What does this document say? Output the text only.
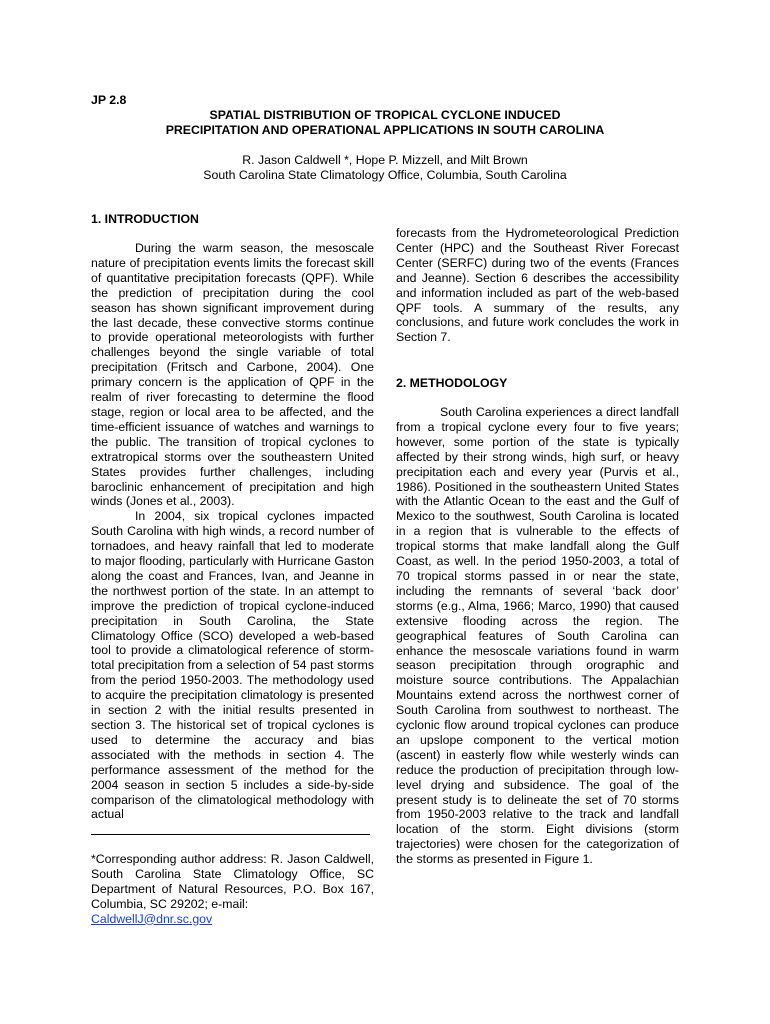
JP 2.8
SPATIAL DISTRIBUTION OF TROPICAL CYCLONE INDUCED
PRECIPITATION AND OPERATIONAL APPLICATIONS IN SOUTH CAROLINA
R. Jason Caldwell *, Hope P. Mizzell, and Milt Brown
South Carolina State Climatology Office, Columbia, South Carolina
1. INTRODUCTION

During the warm season, the mesoscale nature of precipitation events limits the forecast skill of quantitative precipitation forecasts (QPF). While the prediction of precipitation during the cool season has shown significant improvement during the last decade, these convective storms continue to provide operational meteorologists with further challenges beyond the single variable of total precipitation (Fritsch and Carbone, 2004). One primary concern is the application of QPF in the realm of river forecasting to determine the flood stage, region or local area to be affected, and the time-efficient issuance of watches and warnings to the public. The transition of tropical cyclones to extratropical storms over the southeastern United States provides further challenges, including baroclinic enhancement of precipitation and high winds (Jones et al., 2003).

In 2004, six tropical cyclones impacted South Carolina with high winds, a record number of tornadoes, and heavy rainfall that led to moderate to major flooding, particularly with Hurricane Gaston along the coast and Frances, Ivan, and Jeanne in the northwest portion of the state. In an attempt to improve the prediction of tropical cyclone-induced precipitation in South Carolina, the State Climatology Office (SCO) developed a web-based tool to provide a climatological reference of storm-total precipitation from a selection of 54 past storms from the period 1950-2003. The methodology used to acquire the precipitation climatology is presented in section 2 with the initial results presented in section 3. The historical set of tropical cyclones is used to determine the accuracy and bias associated with the methods in section 4. The performance assessment of the method for the 2004 season in section 5 includes a side-by-side comparison of the climatological methodology with actual

*Corresponding author address: R. Jason Caldwell, South Carolina State Climatology Office, SC Department of Natural Resources, P.O. Box 167, Columbia, SC 29202; e-mail:
CaldwellJ@dnr.sc.gov

forecasts from the Hydrometeorological Prediction Center (HPC) and the Southeast River Forecast Center (SERFC) during two of the events (Frances and Jeanne). Section 6 describes the accessibility and information included as part of the web-based QPF tools. A summary of the results, any conclusions, and future work concludes the work in Section 7.

2. METHODOLOGY

South Carolina experiences a direct landfall from a tropical cyclone every four to five years; however, some portion of the state is typically affected by their strong winds, high surf, or heavy precipitation each and every year (Purvis et al., 1986). Positioned in the southeastern United States with the Atlantic Ocean to the east and the Gulf of Mexico to the southwest, South Carolina is located in a region that is vulnerable to the effects of tropical storms that make landfall along the Gulf Coast, as well. In the period 1950-2003, a total of 70 tropical storms passed in or near the state, including the remnants of several ‘back door’ storms (e.g., Alma, 1966; Marco, 1990) that caused extensive flooding across the region. The geographical features of South Carolina can enhance the mesoscale variations found in warm season precipitation through orographic and moisture source contributions. The Appalachian Mountains extend across the northwest corner of South Carolina from southwest to northeast. The cyclonic flow around tropical cyclones can produce an upslope component to the vertical motion (ascent) in easterly flow while westerly winds can reduce the production of precipitation through low-level drying and subsidence. The goal of the present study is to delineate the set of 70 storms from 1950-2003 relative to the track and landfall location of the storm. Eight divisions (storm trajectories) were chosen for the categorization of the storms as presented in Figure 1.
